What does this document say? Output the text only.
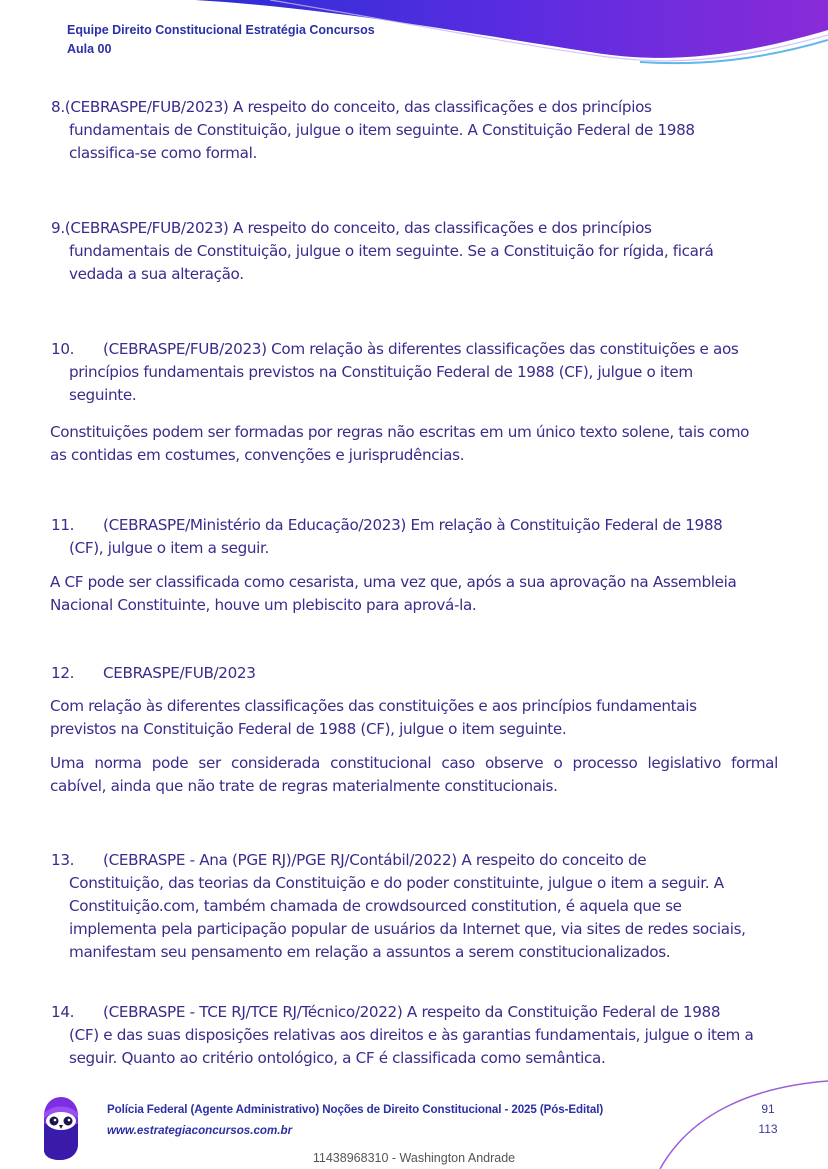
Equipe Direito Constitucional Estratégia Concursos
Aula 00
8.(CEBRASPE/FUB/2023) A respeito do conceito, das classificações e dos princípios
fundamentais de Constituição, julgue o item seguinte. A Constituição Federal de 1988
classifica-se como formal.
9.(CEBRASPE/FUB/2023) A respeito do conceito, das classificações e dos princípios
fundamentais de Constituição, julgue o item seguinte. Se a Constituição for rígida, ficará
vedada a sua alteração.
10. (CEBRASPE/FUB/2023) Com relação às diferentes classificações das constituições e aos
princípios fundamentais previstos na Constituição Federal de 1988 (CF), julgue o item
seguinte.
Constituições podem ser formadas por regras não escritas em um único texto solene, tais como
as contidas em costumes, convenções e jurisprudências.
11. (CEBRASPE/Ministério da Educação/2023) Em relação à Constituição Federal de 1988
(CF), julgue o item a seguir.
A CF pode ser classificada como cesarista, uma vez que, após a sua aprovação na Assembleia
Nacional Constituinte, houve um plebiscito para aprová-la.
12. CEBRASPE/FUB/2023
Com relação às diferentes classificações das constituições e aos princípios fundamentais
previstos na Constituição Federal de 1988 (CF), julgue o item seguinte.
Uma norma pode ser considerada constitucional caso observe o processo legislativo formal
cabível, ainda que não trate de regras materialmente constitucionais.
13. (CEBRASPE - Ana (PGE RJ)/PGE RJ/Contábil/2022) A respeito do conceito de
Constituição, das teorias da Constituição e do poder constituinte, julgue o item a seguir. A
Constituição.com, também chamada de crowdsourced constitution, é aquela que se
implementa pela participação popular de usuários da Internet que, via sites de redes sociais,
manifestam seu pensamento em relação a assuntos a serem constitucionalizados.
14. (CEBRASPE - TCE RJ/TCE RJ/Técnico/2022) A respeito da Constituição Federal de 1988
(CF) e das suas disposições relativas aos direitos e às garantias fundamentais, julgue o item a
seguir. Quanto ao critério ontológico, a CF é classificada como semântica.
Polícia Federal (Agente Administrativo) Noções de Direito Constitucional - 2025 (Pós-Edital)
www.estrategiaconcursos.com.br
91
113
11438968310 - Washington Andrade
